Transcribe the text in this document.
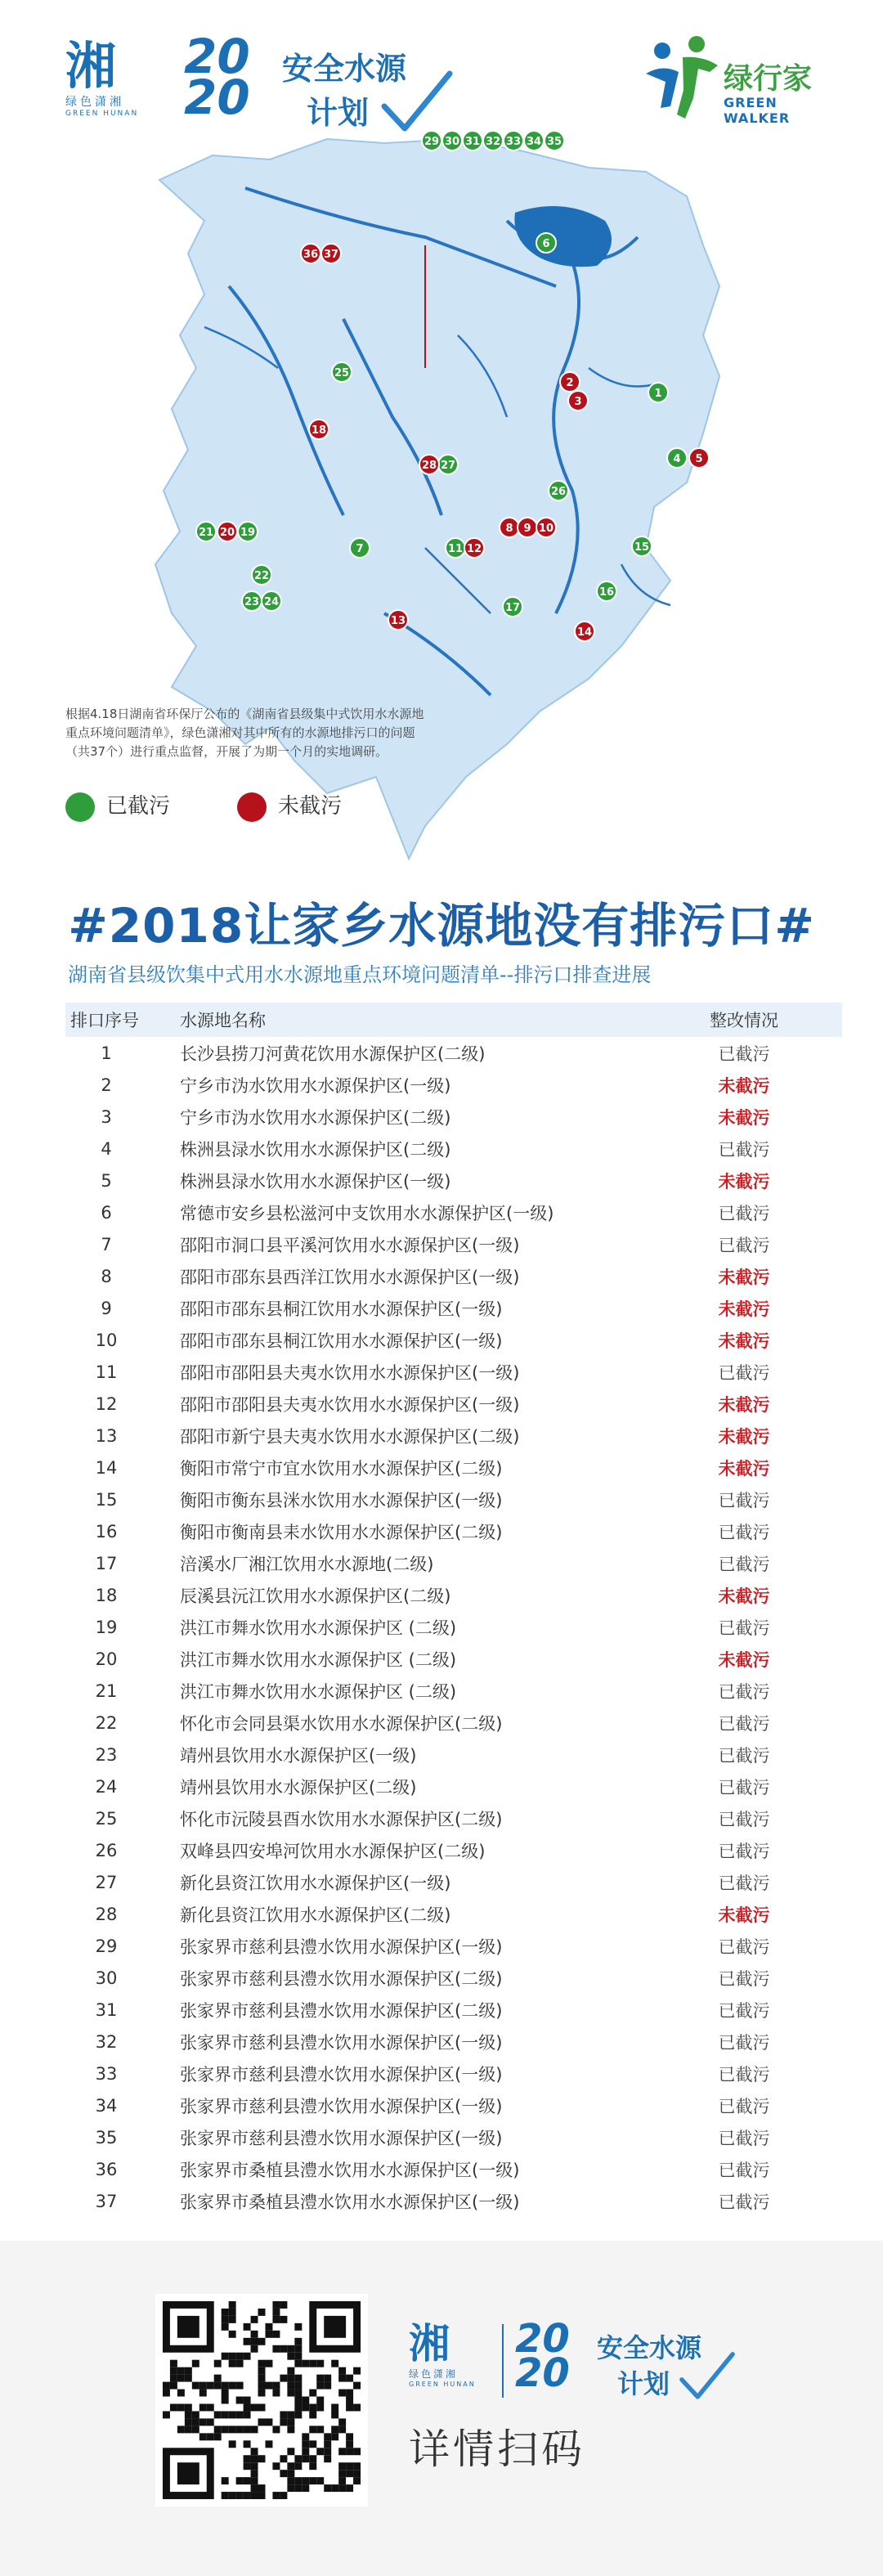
湘
绿色潇湘
GREEN HUNAN
20
20
安全水源
计划
绿行家
GREEN WALKER
1
2
3
4 5
6
7
8 9 10
11 12
13
14
15
16
17
18
19
20
21
22
23 24
25
26
27
28
29 30 31 32 33 34 35
36 37
根据4.18日湖南省环保厅公布的《湖南省县级集中式饮用水水源地重点环境问题清单》，绿色潇湘对其中所有的水源地排污口的问题（共37个）进行重点监督，开展了为期一个月的实地调研。
已截污	未截污
#2018让家乡水源地没有排污口#
湖南省县级饮集中式用水水源地重点环境问题清单--排污口排查进展
排口序号	水源地名称	整改情况
1	长沙县捞刀河黄花饮用水源保护区(二级)	已截污
2	宁乡市沩水饮用水水源保护区(一级)	未截污
3	宁乡市沩水饮用水水源保护区(二级)	未截污
4	株洲县渌水饮用水水源保护区(二级)	已截污
5	株洲县渌水饮用水水源保护区(一级)	未截污
6	常德市安乡县松滋河中支饮用水水源保护区(一级)	已截污
7	邵阳市洞口县平溪河饮用水水源保护区(一级)	已截污
8	邵阳市邵东县西洋江饮用水水源保护区(一级)	未截污
9	邵阳市邵东县桐江饮用水水源保护区(一级)	未截污
10	邵阳市邵东县桐江饮用水水源保护区(一级)	未截污
11	邵阳市邵阳县夫夷水饮用水水源保护区(一级)	已截污
12	邵阳市邵阳县夫夷水饮用水水源保护区(一级)	未截污
13	邵阳市新宁县夫夷水饮用水水源保护区(二级)	未截污
14	衡阳市常宁市宜水饮用水水源保护区(二级)	未截污
15	衡阳市衡东县洣水饮用水水源保护区(一级)	已截污
16	衡阳市衡南县耒水饮用水水源保护区(二级)	已截污
17	涪溪水厂湘江饮用水水源地(二级)	已截污
18	辰溪县沅江饮用水水源保护区(二级)	未截污
19	洪江市舞水饮用水水源保护区 (二级)	已截污
20	洪江市舞水饮用水水源保护区 (二级)	未截污
21	洪江市舞水饮用水水源保护区 (二级)	已截污
22	怀化市会同县渠水饮用水水源保护区(二级)	已截污
23	靖州县饮用水水源保护区(一级)	已截污
24	靖州县饮用水水源保护区(二级)	已截污
25	怀化市沅陵县酉水饮用水水源保护区(二级)	已截污
26	双峰县四安埠河饮用水水源保护区(二级)	已截污
27	新化县资江饮用水水源保护区(一级)	已截污
28	新化县资江饮用水水源保护区(二级)	未截污
29	张家界市慈利县澧水饮用水源保护区(一级)	已截污
30	张家界市慈利县澧水饮用水源保护区(二级)	已截污
31	张家界市慈利县澧水饮用水源保护区(二级)	已截污
32	张家界市慈利县澧水饮用水源保护区(一级)	已截污
33	张家界市慈利县澧水饮用水源保护区(一级)	已截污
34	张家界市慈利县澧水饮用水源保护区(一级)	已截污
35	张家界市慈利县澧水饮用水源保护区(一级)	已截污
36	张家界市桑植县澧水饮用水水源保护区(一级)	已截污
37	张家界市桑植县澧水饮用水水源保护区(一级)	已截污
湘
绿色潇湘
GREEN HUNAN
20
20
安全水源
计划
详情扫码
